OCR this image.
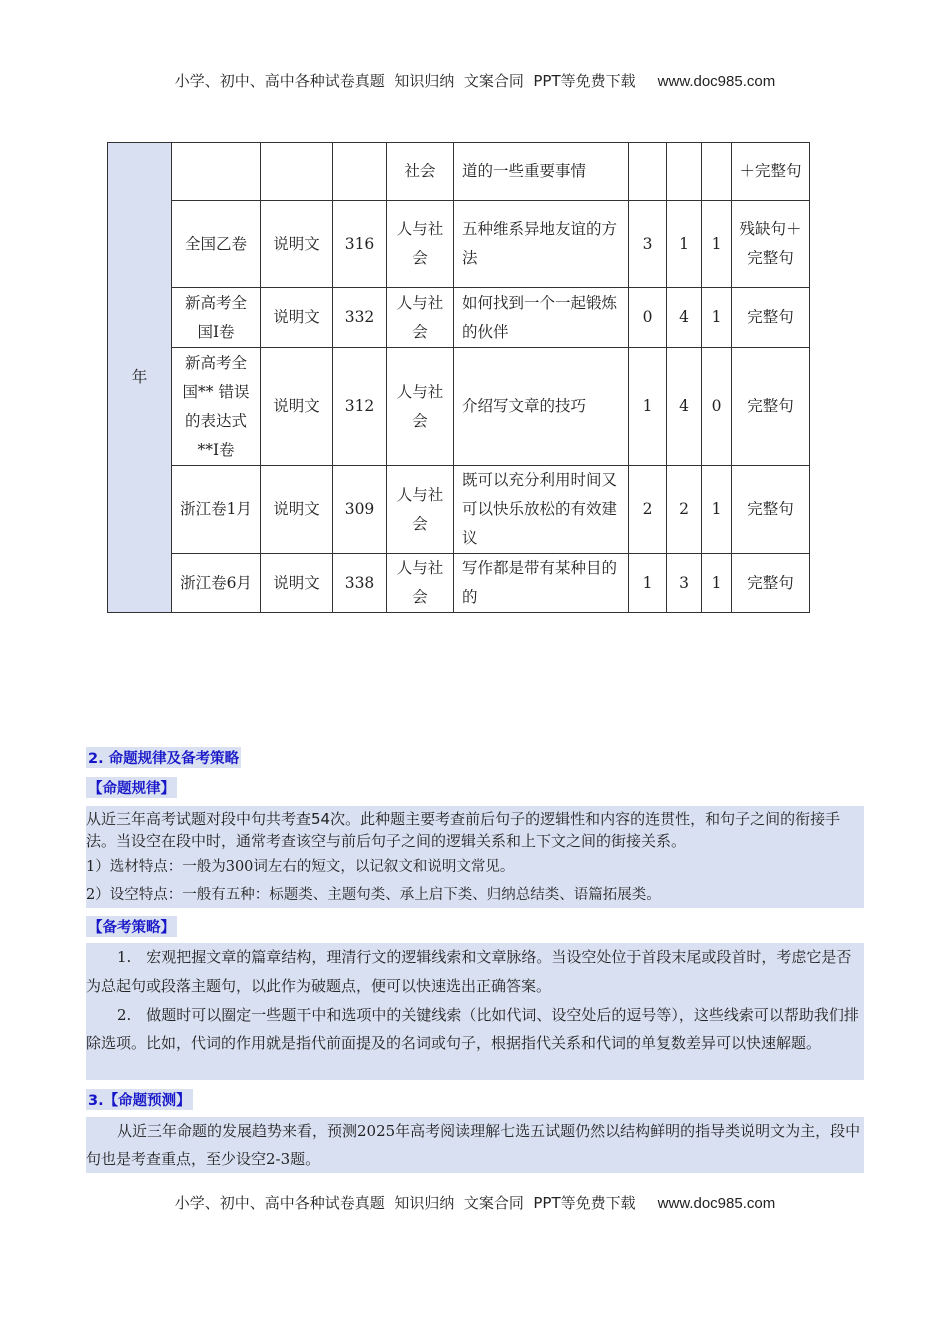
小学、初中、高中各种试卷真题  知识归纳  文案合同  PPT等免费下载 www.doc985.com
年				社会	道的一些重要事情				＋完整句
	全国乙卷	说明文	316	人与社会	五种维系异地友谊的方法	3	1	1	残缺句＋完整句
	新高考全国I卷	说明文	332	人与社会	如何找到一个一起锻炼的伙伴	0	4	1	完整句
	新高考全国** 错误的表达式 **I卷	说明文	312	人与社会	介绍写文章的技巧	1	4	0	完整句
	浙江卷1月	说明文	309	人与社会	既可以充分利用时间又可以快乐放松的有效建议	2	2	1	完整句
	浙江卷6月	说明文	338	人与社会	写作都是带有某种目的的	1	3	1	完整句
2. 命题规律及备考策略
【命题规律】

从近三年高考试题对段中句共考查54次。此种题主要考查前后句子的逻辑性和内容的连贯性，和句子之间的衔接手法。当设空在段中时，通常考查该空与前后句子之间的逻辑关系和上下文之间的街接关系。

1）选材特点：一般为300词左右的短文，以记叙文和说明文常见。

2）设空特点：一般有五种：标题类、主题句类、承上启下类、归纳总结类、语篇拓展类。

【备考策略】

1.　宏观把握文章的篇章结构，理清行文的逻辑线索和文章脉络。当设空处位于首段末尾或段首时，考虑它是否为总起句或段落主题句，以此作为破题点，便可以快速选出正确答案。

2.　做题时可以圈定一些题干中和选项中的关键线索（比如代词、设空处后的逗号等），这些线索可以帮助我们排除选项。比如，代词的作用就是指代前面提及的名词或句子，根据指代关系和代词的单复数差异可以快速解题。

3.【命题预测】

从近三年命题的发展趋势来看，预测2025年高考阅读理解七选五试题仍然以结构鲜明的指导类说明文为主，段中句也是考查重点，至少设空2-3题。

小学、初中、高中各种试卷真题  知识归纳  文案合同  PPT等免费下载 www.doc985.com
